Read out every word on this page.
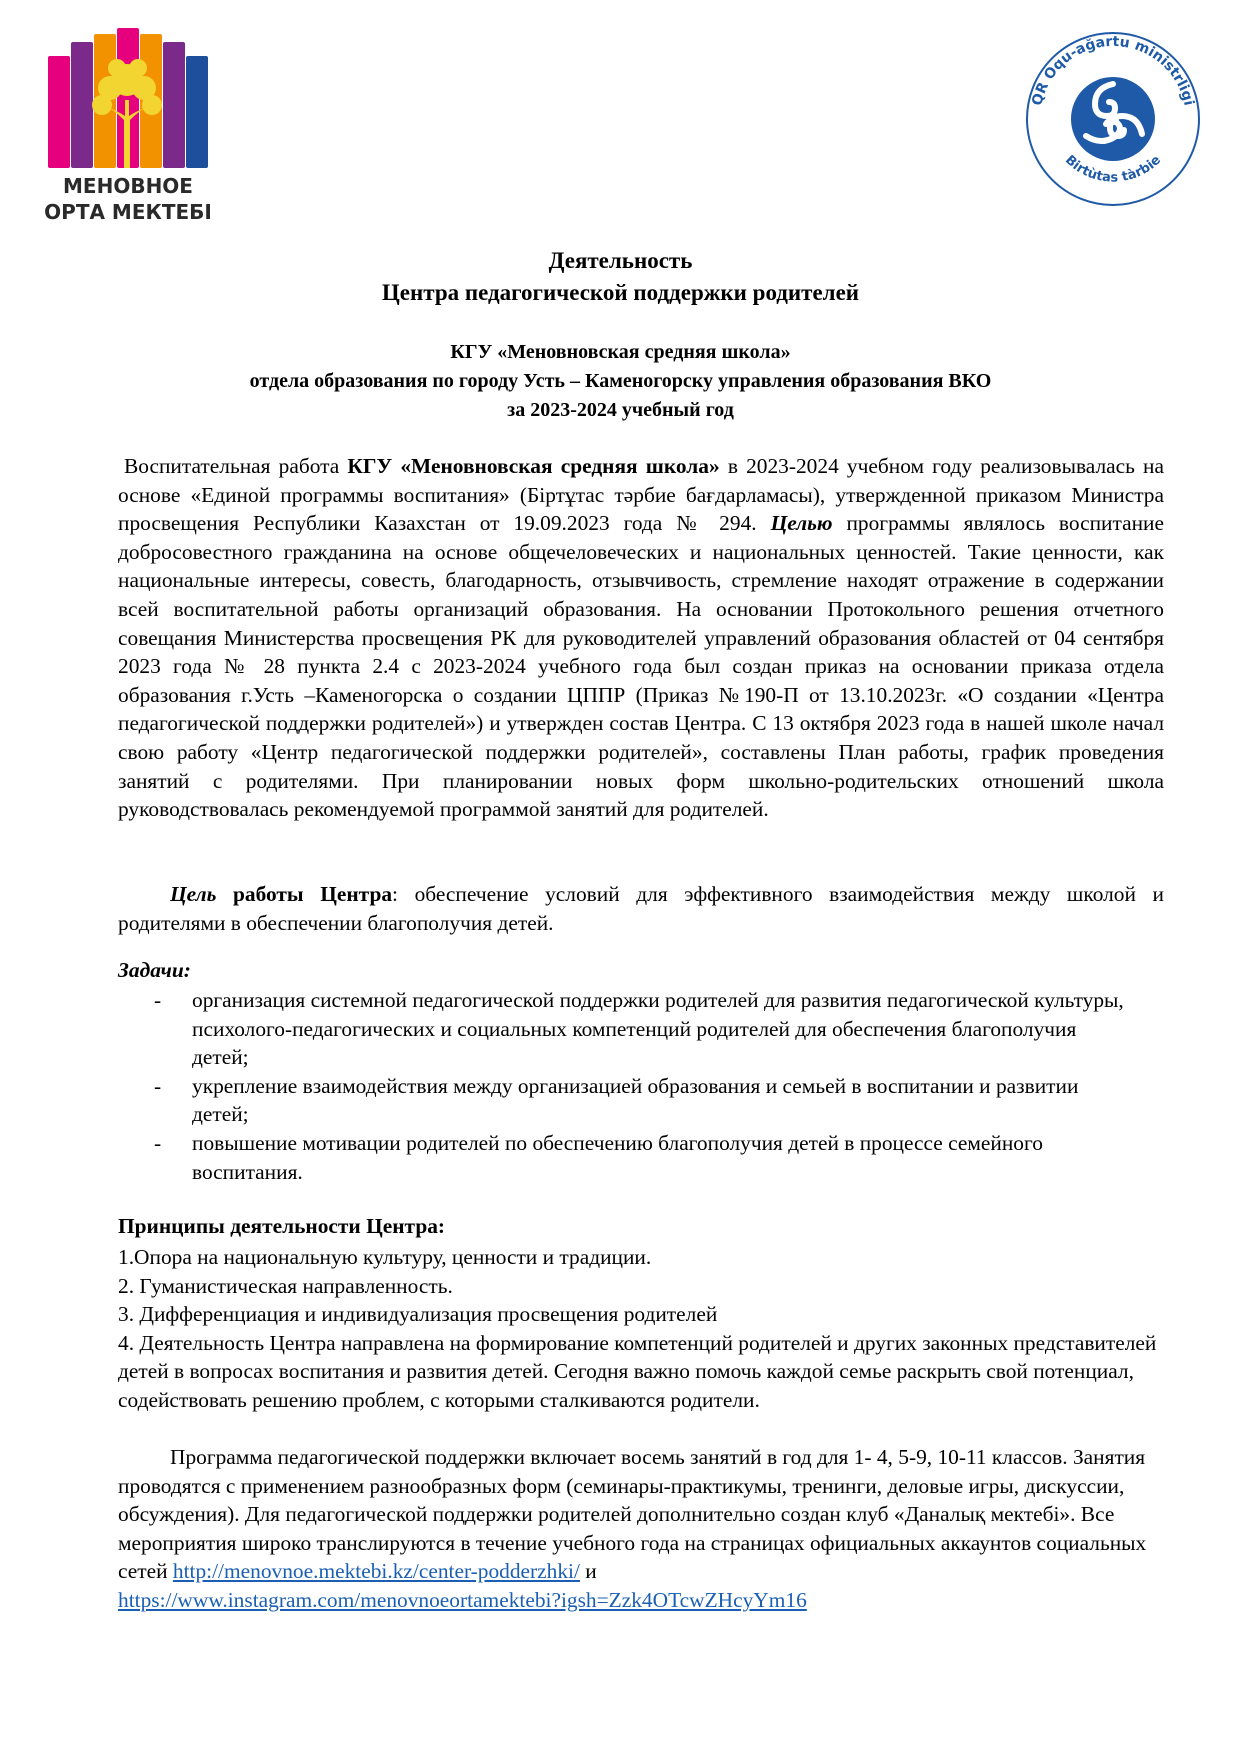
МЕНОВНОЕ
ОРТА МЕКТЕБІ
QR Oqu-ağartu ministrligi
Birtùtas tàrbie
Деятельность
Центра педагогической поддержки родителей
КГУ «Меновновская средняя школа»
отдела образования по городу Усть – Каменогорску управления образования ВКО
за 2023-2024 учебный год
Воспитательная работа КГУ «Меновновская средняя школа» в 2023-2024 учебном году реализовывалась на основе «Единой программы воспитания» (Біртұтас тәрбие бағдарламасы), утвержденной приказом Министра просвещения Республики Казахстан от 19.09.2023 года № 294. Целью программы являлось воспитание добросовестного гражданина на основе общечеловеческих и национальных ценностей. Такие ценности, как национальные интересы, совесть, благодарность, отзывчивость, стремление находят отражение в содержании всей воспитательной работы организаций образования. На основании Протокольного решения отчетного совещания Министерства просвещения РК для руководителей управлений образования областей от 04 сентября 2023 года № 28 пункта 2.4 с 2023-2024 учебного года был создан приказ на основании приказа отдела образования г.Усть –Каменогорска о создании ЦППР (Приказ №190-П от 13.10.2023г. «О создании «Центра педагогической поддержки родителей») и утвержден состав Центра. С 13 октября 2023 года в нашей школе начал свою работу «Центр педагогической поддержки родителей», составлены План работы, график проведения занятий с родителями. При планировании новых форм школьно-родительских отношений школа руководствовалась рекомендуемой программой занятий для родителей.
Цель работы Центра: обеспечение условий для эффективного взаимодействия между школой и родителями в обеспечении благополучия детей.
Задачи:
- организация системной педагогической поддержки родителей для развития педагогической культуры, психолого-педагогических и социальных компетенций родителей для обеспечения благополучия детей;
- укрепление взаимодействия между организацией образования и семьей в воспитании и развитии детей;
- повышение мотивации родителей по обеспечению благополучия детей в процессе семейного воспитания.
Принципы деятельности Центра:
1.Опора на национальную культуру, ценности и традиции.
2. Гуманистическая направленность.
3. Дифференциация и индивидуализация просвещения родителей
4. Деятельность Центра направлена на формирование компетенций родителей и других законных представителей детей в вопросах воспитания и развития детей. Сегодня важно помочь каждой семье раскрыть свой потенциал, содействовать решению проблем, с которыми сталкиваются родители.
Программа педагогической поддержки включает восемь занятий в год для 1- 4, 5-9, 10-11 классов. Занятия проводятся с применением разнообразных форм (семинары-практикумы, тренинги, деловые игры, дискуссии, обсуждения). Для педагогической поддержки родителей дополнительно создан клуб «Даналық мектебі». Все мероприятия широко транслируются в течение учебного года на страницах официальных аккаунтов социальных сетей http://menovnoe.mektebi.kz/center-podderzhki/ и
https://www.instagram.com/menovnoeortamektebi?igsh=Zzk4OTcwZHcyYm16
